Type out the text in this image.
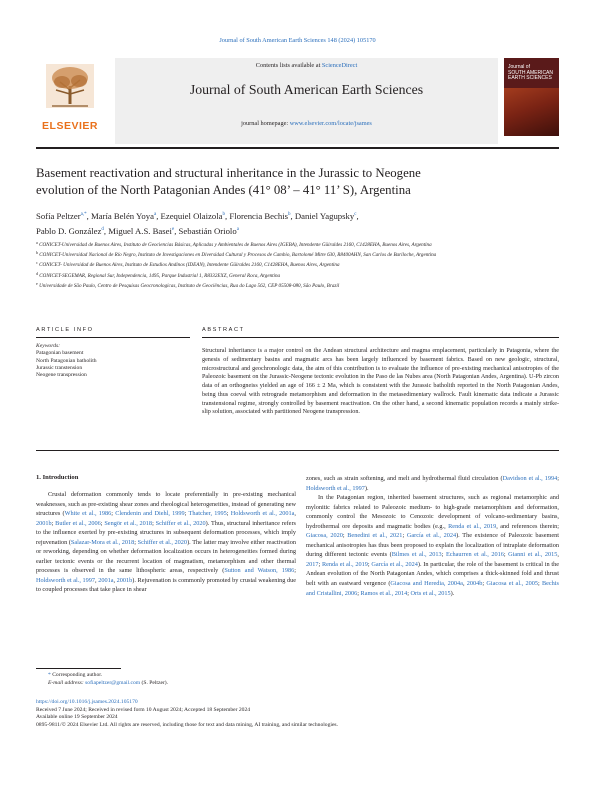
Journal of South American Earth Sciences 148 (2024) 105170
ELSEVIER
Contents lists available at ScienceDirect
Journal of South American Earth Sciences
journal homepage: www.elsevier.com/locate/jsames
Journal of
SOUTH AMERICAN EARTH SCIENCES
Basement reactivation and structural inheritance in the Jurassic to Neogene
evolution of the North Patagonian Andes (41° 08’ – 41° 11’ S), Argentina
Sofía Peltzer$^{a,*}$, María Belén Yoya$^a$, Ezequiel Olaizola$^b$, Florencia Bechis$^b$, Daniel Yagupsky$^c$,
Pablo D. González$^d$, Miguel A.S. Basei$^e$, Sebastián Oriolo$^a$
$^a$ CONICET-Universidad de Buenos Aires, Instituto de Geociencias Básicas, Aplicadas y Ambientales de Buenos Aires (IGEBA), Intendente Güiraldes 2160, C1428EHA, Buenos Aires, Argentina
$^b$ CONICET-Universidad Nacional de Río Negro, Instituto de Investigaciones en Diversidad Cultural y Procesos de Cambio, Bartolomé Mitre 630, R8400AHN, San Carlos de Bariloche, Argentina
$^c$ CONICET- Universidad de Buenos Aires, Instituto de Estudios Andinos (IDEAN), Intendente Güiraldes 2160, C1428EHA, Buenos Aires, Argentina
$^d$ CONICET-SEGEMAR, Regional Sur, Independencia, 1495, Parque Industrial 1, R8332EXZ, General Roca, Argentina
$^e$ Universidade de São Paulo, Centro de Pesquisas Geocronologicas, Instituto de Geociências, Rua do Lago 562, CEP 05508-080, São Paulo, Brazil
ARTICLE INFO	ABSTRACT
Keywords:
Patagonian basement
North Patagonian batholith
Jurassic transtension
Neogene transpression
Structural inheritance is a major control on the Andean structural architecture and magma emplacement, particularly in Patagonia, where the genesis of sedimentary basins and magmatic arcs has been largely influenced by basement fabrics. Based on new geologic, structural, microstructural and geochronologic data, the aim of this contribution is to evaluate the influence of pre-existing mechanical anisotropies of the Paleozoic basement on the Jurassic-Neogene tectonic evolution in the Paso de las Nubes area (North Patagonian Andes, Argentina). U-Pb zircon data of an orthogneiss yielded an age of 166 ± 2 Ma, which is consistent with the Jurassic batholith reported in the North Patagonian Andes, being thus coeval with retrograde metamorphism and deformation in the metasedimentary wallrock. Fault kinematic data indicate a Jurassic transtensional regime, strongly controlled by basement reactivation. On the other hand, a second kinematic population records a mainly strike-slip solution, associated with partitioned Neogene transpression.
1. Introduction

Crustal deformation commonly tends to locate preferentially in pre-existing mechanical weaknesses, such as pre-existing shear zones and rheological heterogeneities, instead of generating new structures (White et al., 1986; Clendenin and Diehl, 1999; Thatcher, 1995; Holdsworth et al., 2001a, 2001b; Butler et al., 2006; Sengör et al., 2018; Schiffer et al., 2020). Thus, structural inheritance refers to the influence exerted by pre-existing structures in subsequent deformation processes, which imply rejuvenation (Salazar-Mora et al., 2018; Schiffer et al., 2020). The latter may involve either reactivation or reworking, depending on whether deformation localization occurs in heterogeneities formed during earlier tectonic events or the recurrent location of magmatism, metamorphism and other thermal processes is observed in the same lithospheric areas, respectively (Sutton and Watson, 1986; Holdsworth et al., 1997, 2001a, 2001b). Rejuvenation is commonly promoted by crustal weakening due to coupled processes that take place in shear

zones, such as strain softening, and melt and hydrothermal fluid circulation (Davidson et al., 1994; Holdsworth et al., 1997).

In the Patagonian region, inherited basement structures, such as regional metamorphic and mylonitic fabrics related to Paleozoic medium- to high-grade metamorphism and deformation, commonly control the Mesozoic to Cenozoic development of volcano-sedimentary basins, hydrothermal ore deposits and magmatic bodies (e.g., Renda et al., 2019, and references therein; Giacosa, 2020; Benedini et al., 2021; García et al., 2024). The existence of Paleozoic basement mechanical anisotropies has thus been proposed to explain the localization of intraplate deformation during different tectonic events (Bilmes et al., 2013; Echaurren et al., 2016; Gianni et al., 2015, 2017; Renda et al., 2019; García et al., 2024). In particular, the role of the basement is critical in the Andean evolution of the North Patagonian Andes, which comprises a thick-skinned fold and thrust belt with an eastward vergence (Giacosa and Heredia, 2004a, 2004b; Giacosa et al., 2005; Bechis and Cristallini, 2006; Ramos et al., 2014; Orts et al., 2015).

* Corresponding author.
E-mail address: sofiapeltzer@gmail.com (S. Peltzer).
https://doi.org/10.1016/j.jsames.2024.105170
Received 7 June 2024; Received in revised form 10 August 2024; Accepted 18 September 2024
Available online 19 September 2024
0895-9811/© 2024 Elsevier Ltd. All rights are reserved, including those for text and data mining, AI training, and similar technologies.
